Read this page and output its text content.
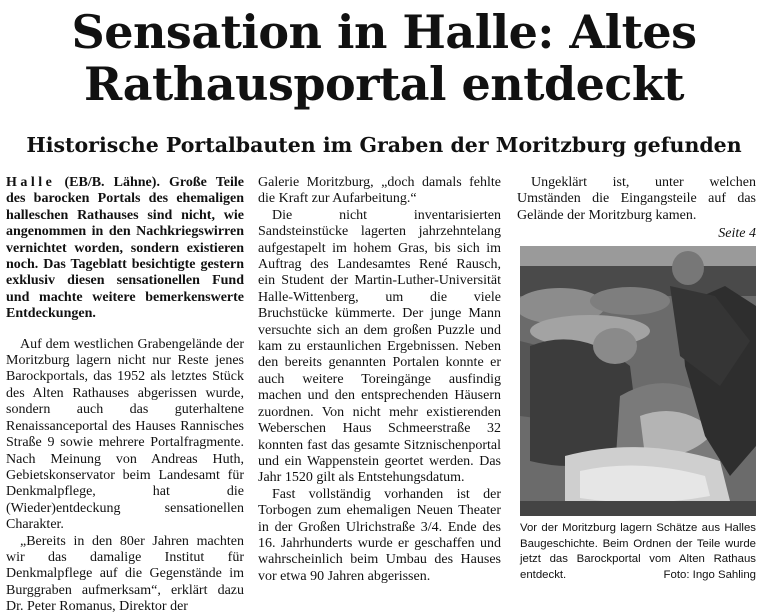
Sensation in Halle: Altes
Rathausportal entdeckt
Historische Portalbauten im Graben der Moritzburg gefunden

Halle (EB/B. Lähne). Große Teile des barocken Portals des ehemaligen halleschen Rathauses sind nicht, wie angenommen in den Nachkriegswirren vernichtet worden, sondern existieren noch. Das Tageblatt besichtigte gestern exklusiv diesen sensationellen Fund und machte weitere bemerkenswerte Entdeckungen.

Auf dem westlichen Grabengelände der Moritzburg lagern nicht nur Reste jenes Barockportals, das 1952 als letztes Stück des Alten Rathauses abgerissen wurde, sondern auch das guterhaltene Renaissanceportal des Hauses Rannisches Straße 9 sowie mehrere Portalfragmente. Nach Meinung von Andreas Huth, Gebietskonservator beim Landesamt für Denkmalpflege, hat die (Wieder)entdeckung sensationellen Charakter.

„Bereits in den 80er Jahren machten wir das damalige Institut für Denkmalpflege auf die Gegenstände im Burggraben aufmerksam“, erklärt dazu Dr. Peter Romanus, Direktor der

Galerie Moritzburg, „doch damals fehlte die Kraft zur Aufarbeitung.“

Die nicht inventarisierten Sandsteinstücke lagerten jahrzehntelang aufgestapelt im hohem Gras, bis sich im Auftrag des Landesamtes René Rausch, ein Student der Martin-Luther-Universität Halle-Wittenberg, um die viele Bruchstücke kümmerte. Der junge Mann versuchte sich an dem großen Puzzle und kam zu erstaunlichen Ergebnissen. Neben den bereits genannten Portalen konnte er auch weitere Toreingänge ausfindig machen und den entsprechenden Häusern zuordnen. Von nicht mehr existierenden Weberschen Haus Schmeerstraße 32 konnten fast das gesamte Sitznischenportal und ein Wappenstein geortet werden. Das Jahr 1520 gilt als Entstehungsdatum.

Fast vollständig vorhanden ist der Torbogen zum ehemaligen Neuen Theater in der Großen Ulrichstraße 3/4. Ende des 16. Jahrhunderts wurde er geschaffen und wahrscheinlich beim Umbau des Hauses vor etwa 90 Jahren abgerissen.

Ungeklärt ist, unter welchen Umständen die Eingangsteile auf das Gelände der Moritzburg kamen.

Seite 4
Vor der Moritzburg lagern Schätze aus Halles Baugeschichte. Beim Ordnen der Teile wurde jetzt das Barockportal vom Alten Rathaus entdeckt.	Foto: Ingo Sahling
